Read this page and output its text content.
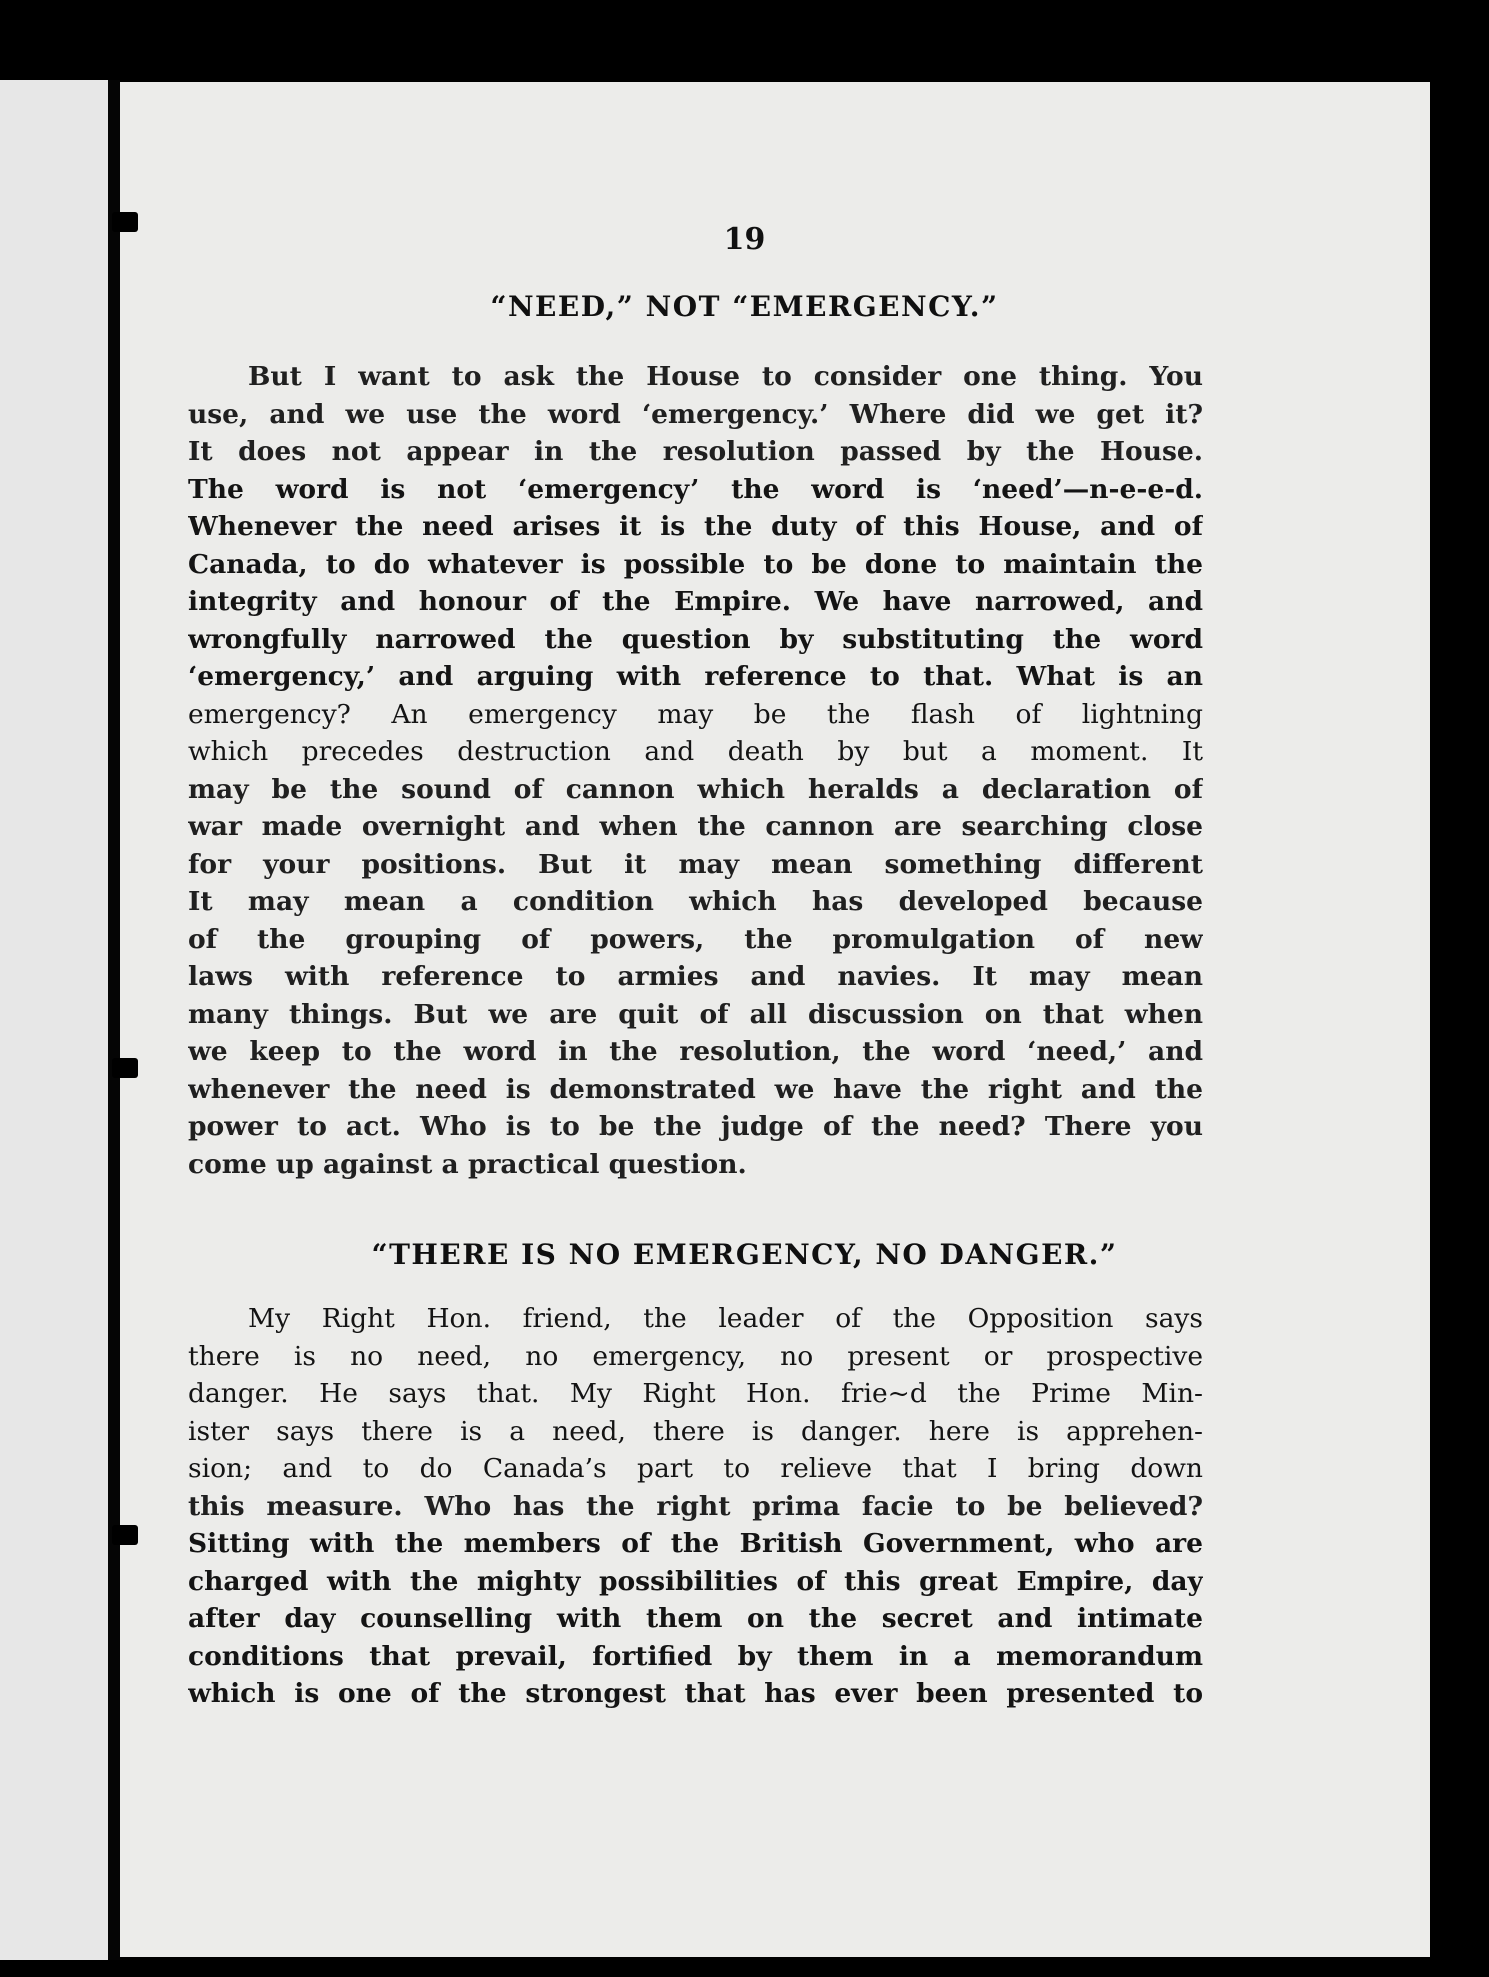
19
“NEED,” NOT “EMERGENCY.”
But I want to ask the House to consider one thing. You
use, and we use the word ‘emergency.’ Where did we get it?
It does not appear in the resolution passed by the House.
The word is not ‘emergency’ the word is ‘need’—n-e-e-d.
Whenever the need arises it is the duty of this House, and of
Canada, to do whatever is possible to be done to maintain the
integrity and honour of the Empire. We have narrowed, and
wrongfully narrowed the question by substituting the word
‘emergency,’ and arguing with reference to that. What is an
emergency? An emergency may be the flash of lightning
which precedes destruction and death by but a moment. It
may be the sound of cannon which heralds a declaration of
war made overnight and when the cannon are searching close
for your positions. But it may mean something different
It may mean a condition which has developed because
of the grouping of powers, the promulgation of new
laws with reference to armies and navies. It may mean
many things. But we are quit of all discussion on that when
we keep to the word in the resolution, the word ‘need,’ and
whenever the need is demonstrated we have the right and the
power to act. Who is to be the judge of the need? There you
come up against a practical question.
“THERE IS NO EMERGENCY, NO DANGER.”
My Right Hon. friend, the leader of the Opposition says
there is no need, no emergency, no present or prospective
danger. He says that. My Right Hon. frie~d the Prime Min-
ister says there is a need, there is danger. here is apprehen-
sion; and to do Canada’s part to relieve that I bring down
this measure. Who has the right prima facie to be believed?
Sitting with the members of the British Government, who are
charged with the mighty possibilities of this great Empire, day
after day counselling with them on the secret and intimate
conditions that prevail, fortified by them in a memorandum
which is one of the strongest that has ever been presented to
